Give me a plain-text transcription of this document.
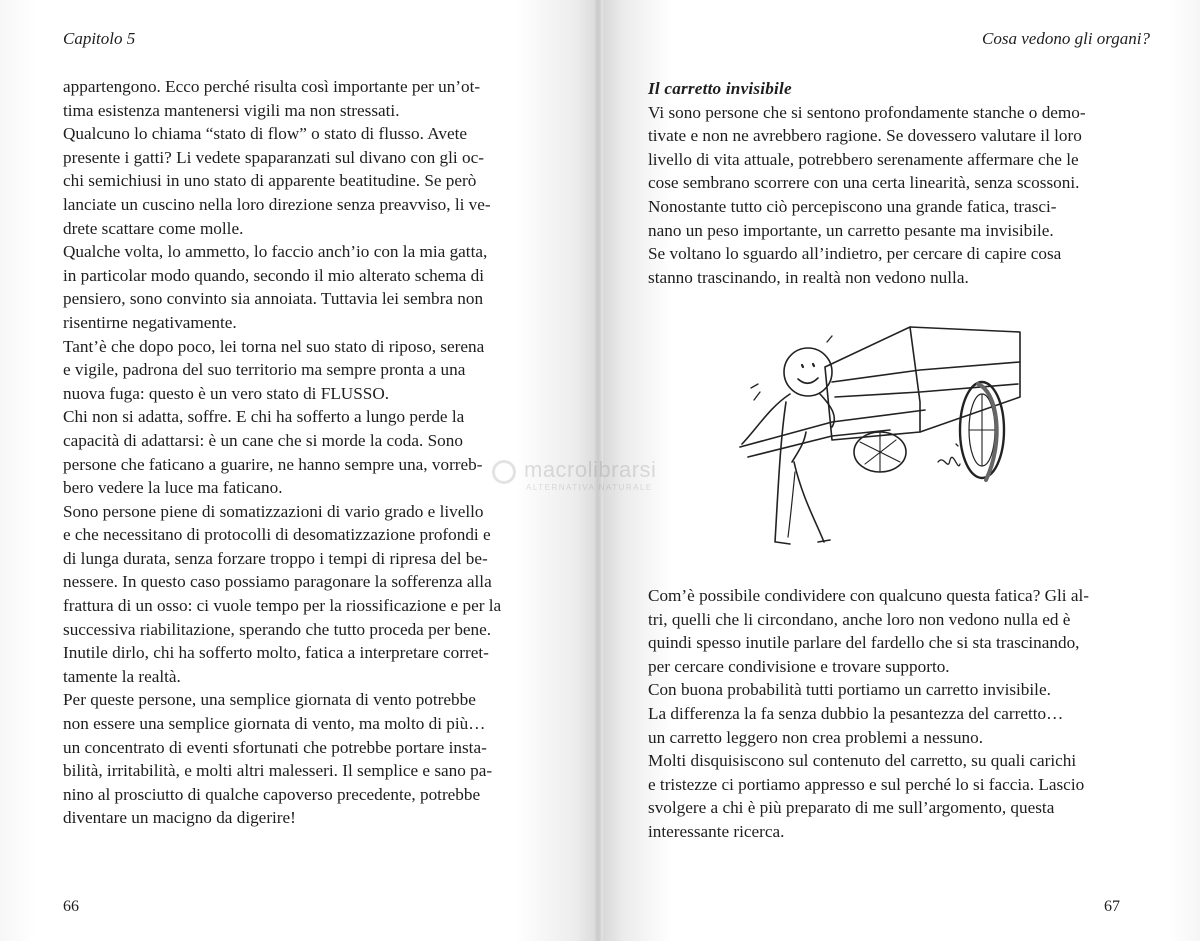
Capitolo 5
appartengono. Ecco perché risulta così importante per un’ot-
tima esistenza mantenersi vigili ma non stressati.
Qualcuno lo chiama “stato di flow” o stato di flusso. Avete
presente i gatti? Li vedete spaparanzati sul divano con gli oc-
chi semichiusi in uno stato di apparente beatitudine. Se però
lanciate un cuscino nella loro direzione senza preavviso, li ve-
drete scattare come molle.
Qualche volta, lo ammetto, lo faccio anch’io con la mia gatta,
in particolar modo quando, secondo il mio alterato schema di
pensiero, sono convinto sia annoiata. Tuttavia lei sembra non
risentirne negativamente.
Tant’è che dopo poco, lei torna nel suo stato di riposo, serena
e vigile, padrona del suo territorio ma sempre pronta a una
nuova fuga: questo è un vero stato di FLUSSO.
Chi non si adatta, soffre. E chi ha sofferto a lungo perde la
capacità di adattarsi: è un cane che si morde la coda. Sono
persone che faticano a guarire, ne hanno sempre una, vorreb-
bero vedere la luce ma faticano.
Sono persone piene di somatizzazioni di vario grado e livello
e che necessitano di protocolli di desomatizzazione profondi e
di lunga durata, senza forzare troppo i tempi di ripresa del be-
nessere. In questo caso possiamo paragonare la sofferenza alla
frattura di un osso: ci vuole tempo per la riossificazione e per la
successiva riabilitazione, sperando che tutto proceda per bene.
Inutile dirlo, chi ha sofferto molto, fatica a interpretare corret-
tamente la realtà.
Per queste persone, una semplice giornata di vento potrebbe
non essere una semplice giornata di vento, ma molto di più…
un concentrato di eventi sfortunati che potrebbe portare insta-
bilità, irritabilità, e molti altri malesseri. Il semplice e sano pa-
nino al prosciutto di qualche capoverso precedente, potrebbe
diventare un macigno da digerire!
66
Cosa vedono gli organi?
67
Il carretto invisibile
Vi sono persone che si sentono profondamente stanche o demo-
tivate e non ne avrebbero ragione. Se dovessero valutare il loro
livello di vita attuale, potrebbero serenamente affermare che le
cose sembrano scorrere con una certa linearità, senza scossoni.
Nonostante tutto ciò percepiscono una grande fatica, trasci-
nano un peso importante, un carretto pesante ma invisibile.
Se voltano lo sguardo all’indietro, per cercare di capire cosa
stanno trascinando, in realtà non vedono nulla.
Com’è possibile condividere con qualcuno questa fatica? Gli al-
tri, quelli che li circondano, anche loro non vedono nulla ed è
quindi spesso inutile parlare del fardello che si sta trascinando,
per cercare condivisione e trovare supporto.
Con buona probabilità tutti portiamo un carretto invisibile.
La differenza la fa senza dubbio la pesantezza del carretto…
un carretto leggero non crea problemi a nessuno.
Molti disquisiscono sul contenuto del carretto, su quali carichi
e tristezze ci portiamo appresso e sul perché lo si faccia. Lascio
svolgere a chi è più preparato di me sull’argomento, questa
interessante ricerca.
macrolibrarsi
ALTERNATIVA NATURALE
